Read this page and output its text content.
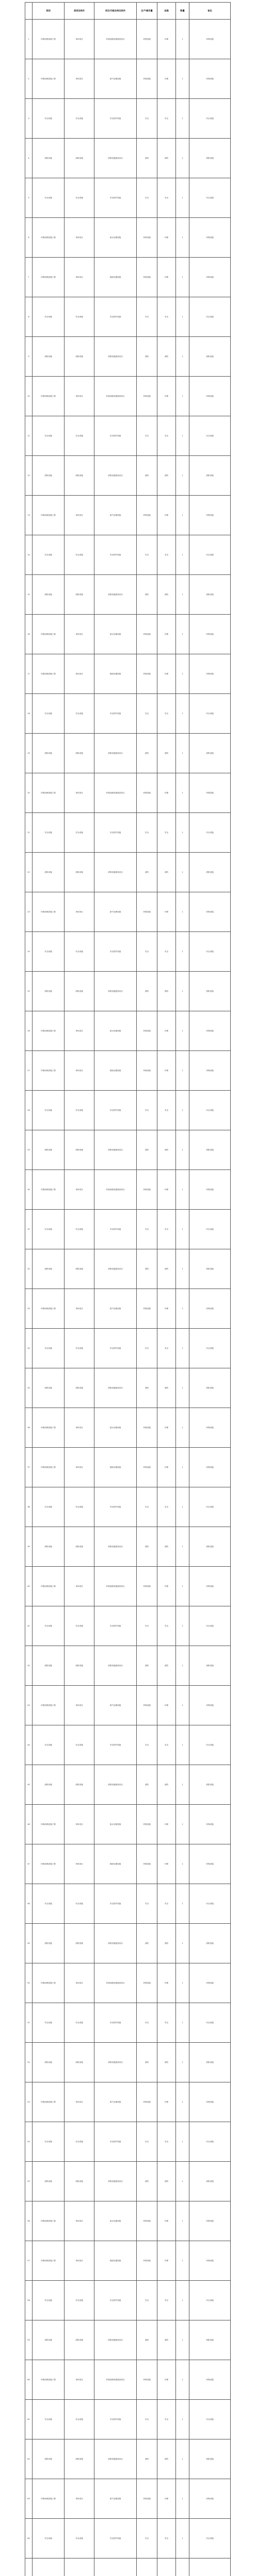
	类别	类别及相关	项目/功能名称及相关	生产/储存量	设施	数量	备注
1	环保治理设施工程	单体项目	环境治理设施建设项目	环保设施	环保	1	环保设施
2	环保治理设施工程	单体项目	废气处理设施	环保设施	环保	1	环保设施
3	安全设施	安全设施	安全防护设施	安全	安全	1	安全设施
4	消防设施	消防设施	消防设施建设项目	消防	消防	1	消防设施
5	安全设施	安全设施	安全防护设施	安全	安全	1	安全设施
6	环保治理设施工程	单体项目	废水处理设施	环保设施	环保	1	环保设施
7	环保治理设施工程	单体项目	固废处置设施	环保设施	环保	1	环保设施
8	安全设施	安全设施	安全防护设施	安全	安全	1	安全设施
9	消防设施	消防设施	消防设施建设项目	消防	消防	1	消防设施
10	环保治理设施工程	单体项目	环境治理设施建设项目	环保设施	环保	1	环保设施
11	安全设施	安全设施	安全防护设施	安全	安全	1	安全设施
12	消防设施	消防设施	消防设施建设项目	消防	消防	1	消防设施
13	环保治理设施工程	单体项目	废气处理设施	环保设施	环保	1	环保设施
14	安全设施	安全设施	安全防护设施	安全	安全	1	安全设施
15	消防设施	消防设施	消防设施建设项目	消防	消防	1	消防设施
16	环保治理设施工程	单体项目	废水处理设施	环保设施	环保	1	环保设施
17	环保治理设施工程	单体项目	固废处置设施	环保设施	环保	1	环保设施
18	安全设施	安全设施	安全防护设施	安全	安全	1	安全设施
19	消防设施	消防设施	消防设施建设项目	消防	消防	1	消防设施
20	环保治理设施工程	单体项目	环境治理设施建设项目	环保设施	环保	1	环保设施
21	安全设施	安全设施	安全防护设施	安全	安全	1	安全设施
22	消防设施	消防设施	消防设施建设项目	消防	消防	1	消防设施
23	环保治理设施工程	单体项目	废气处理设施	环保设施	环保	1	环保设施
24	安全设施	安全设施	安全防护设施	安全	安全	1	安全设施
25	消防设施	消防设施	消防设施建设项目	消防	消防	1	消防设施
26	环保治理设施工程	单体项目	废水处理设施	环保设施	环保	1	环保设施
27	环保治理设施工程	单体项目	固废处置设施	环保设施	环保	1	环保设施
28	安全设施	安全设施	安全防护设施	安全	安全	1	安全设施
29	消防设施	消防设施	消防设施建设项目	消防	消防	1	消防设施
30	环保治理设施工程	单体项目	环境治理设施建设项目	环保设施	环保	1	环保设施
31	安全设施	安全设施	安全防护设施	安全	安全	1	安全设施
32	消防设施	消防设施	消防设施建设项目	消防	消防	1	消防设施
33	环保治理设施工程	单体项目	废气处理设施	环保设施	环保	1	环保设施
34	安全设施	安全设施	安全防护设施	安全	安全	1	安全设施
35	消防设施	消防设施	消防设施建设项目	消防	消防	1	消防设施
36	环保治理设施工程	单体项目	废水处理设施	环保设施	环保	1	环保设施
37	环保治理设施工程	单体项目	固废处置设施	环保设施	环保	1	环保设施
38	安全设施	安全设施	安全防护设施	安全	安全	1	安全设施
39	消防设施	消防设施	消防设施建设项目	消防	消防	1	消防设施
40	环保治理设施工程	单体项目	环境治理设施建设项目	环保设施	环保	1	环保设施
41	安全设施	安全设施	安全防护设施	安全	安全	1	安全设施
42	消防设施	消防设施	消防设施建设项目	消防	消防	1	消防设施
43	环保治理设施工程	单体项目	废气处理设施	环保设施	环保	1	环保设施
44	安全设施	安全设施	安全防护设施	安全	安全	1	安全设施
45	消防设施	消防设施	消防设施建设项目	消防	消防	1	消防设施
46	环保治理设施工程	单体项目	废水处理设施	环保设施	环保	1	环保设施
47	环保治理设施工程	单体项目	固废处置设施	环保设施	环保	1	环保设施
48	安全设施	安全设施	安全防护设施	安全	安全	1	安全设施
49	消防设施	消防设施	消防设施建设项目	消防	消防	1	消防设施
50	环保治理设施工程	单体项目	环境治理设施建设项目	环保设施	环保	1	环保设施
51	安全设施	安全设施	安全防护设施	安全	安全	1	安全设施
52	消防设施	消防设施	消防设施建设项目	消防	消防	1	消防设施
53	环保治理设施工程	单体项目	废气处理设施	环保设施	环保	1	环保设施
54	安全设施	安全设施	安全防护设施	安全	安全	1	安全设施
55	消防设施	消防设施	消防设施建设项目	消防	消防	1	消防设施
56	环保治理设施工程	单体项目	废水处理设施	环保设施	环保	1	环保设施
57	环保治理设施工程	单体项目	固废处置设施	环保设施	环保	1	环保设施
58	安全设施	安全设施	安全防护设施	安全	安全	1	安全设施
59	消防设施	消防设施	消防设施建设项目	消防	消防	1	消防设施
60	环保治理设施工程	单体项目	环境治理设施建设项目	环保设施	环保	1	环保设施
61	安全设施	安全设施	安全防护设施	安全	安全	1	安全设施
62	消防设施	消防设施	消防设施建设项目	消防	消防	1	消防设施
63	环保治理设施工程	单体项目	废气处理设施	环保设施	环保	1	环保设施
64	安全设施	安全设施	安全防护设施	安全	安全	1	安全设施
